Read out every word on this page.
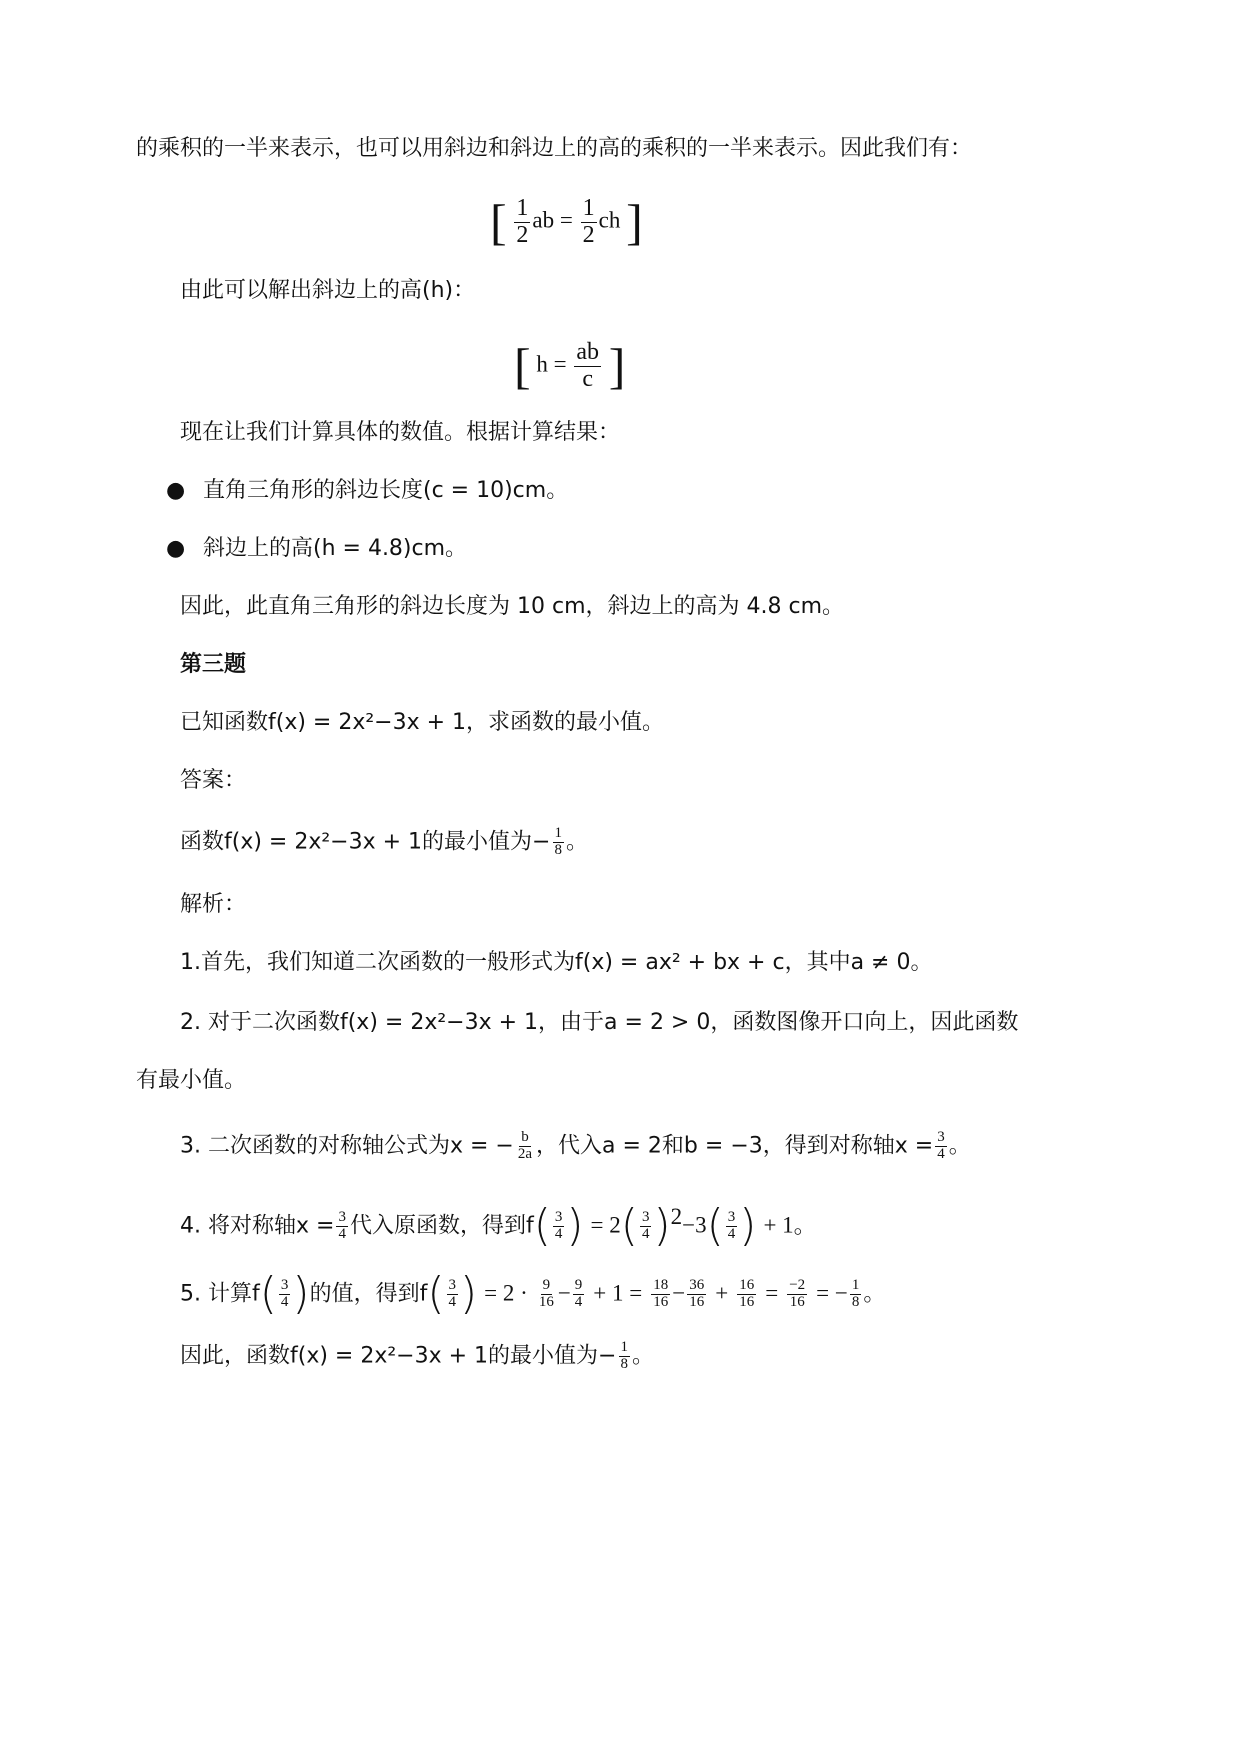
的乘积的一半来表示，也可以用斜边和斜边上的高的乘积的一半来表示。因此我们有：
[ $\frac{1}{2}$ ab = $\frac{1}{2}$ ch ]
由此可以解出斜边上的高(h)：
[ $h = \frac{ab}{c}$ ]
现在让我们计算具体的数值。根据计算结果：
● 直角三角形的斜边长度(c = 10)cm。
● 斜边上的高(h = 4.8)cm。
因此，此直角三角形的斜边长度为 10 cm，斜边上的高为 4.8 cm。
第三题
已知函数f(x) = 2x²−3x + 1，求函数的最小值。
答案：
函数f(x) = 2x²−3x + 1的最小值为− $\frac{1}{8}$ 。
解析：
1.首先，我们知道二次函数的一般形式为f(x) = ax² + bx + c，其中a ≠ 0。
2. 对于二次函数f(x) = 2x²−3x + 1，由于a = 2 > 0，函数图像开口向上，因此函数
有最小值。
3. 二次函数的对称轴公式为x = − $\frac{b}{2a}$ ，代入a = 2和b = −3，得到对称轴$x = \frac{3}{4}$ 。
4. 将对称轴$x = \frac{3}{4}$ 代入原函数，得到$f( \frac{3}{4}$ ) = $2( \frac{3}{4} )^2-3( \frac{3}{4}$ ) + 1。
5. 计算$f( \frac{3}{4}$ )的值，得到$f( \frac{3}{4}$ ) = $2 \cdot \frac{9}{16} - \frac{9}{4} + 1 = \frac{18}{16} - \frac{36}{16} + \frac{16}{16} = \frac{-2}{16}$ = − $\frac{1}{8}$ 。
因此，函数f(x) = 2x²−3x + 1的最小值为− $\frac{1}{8}$ 。
